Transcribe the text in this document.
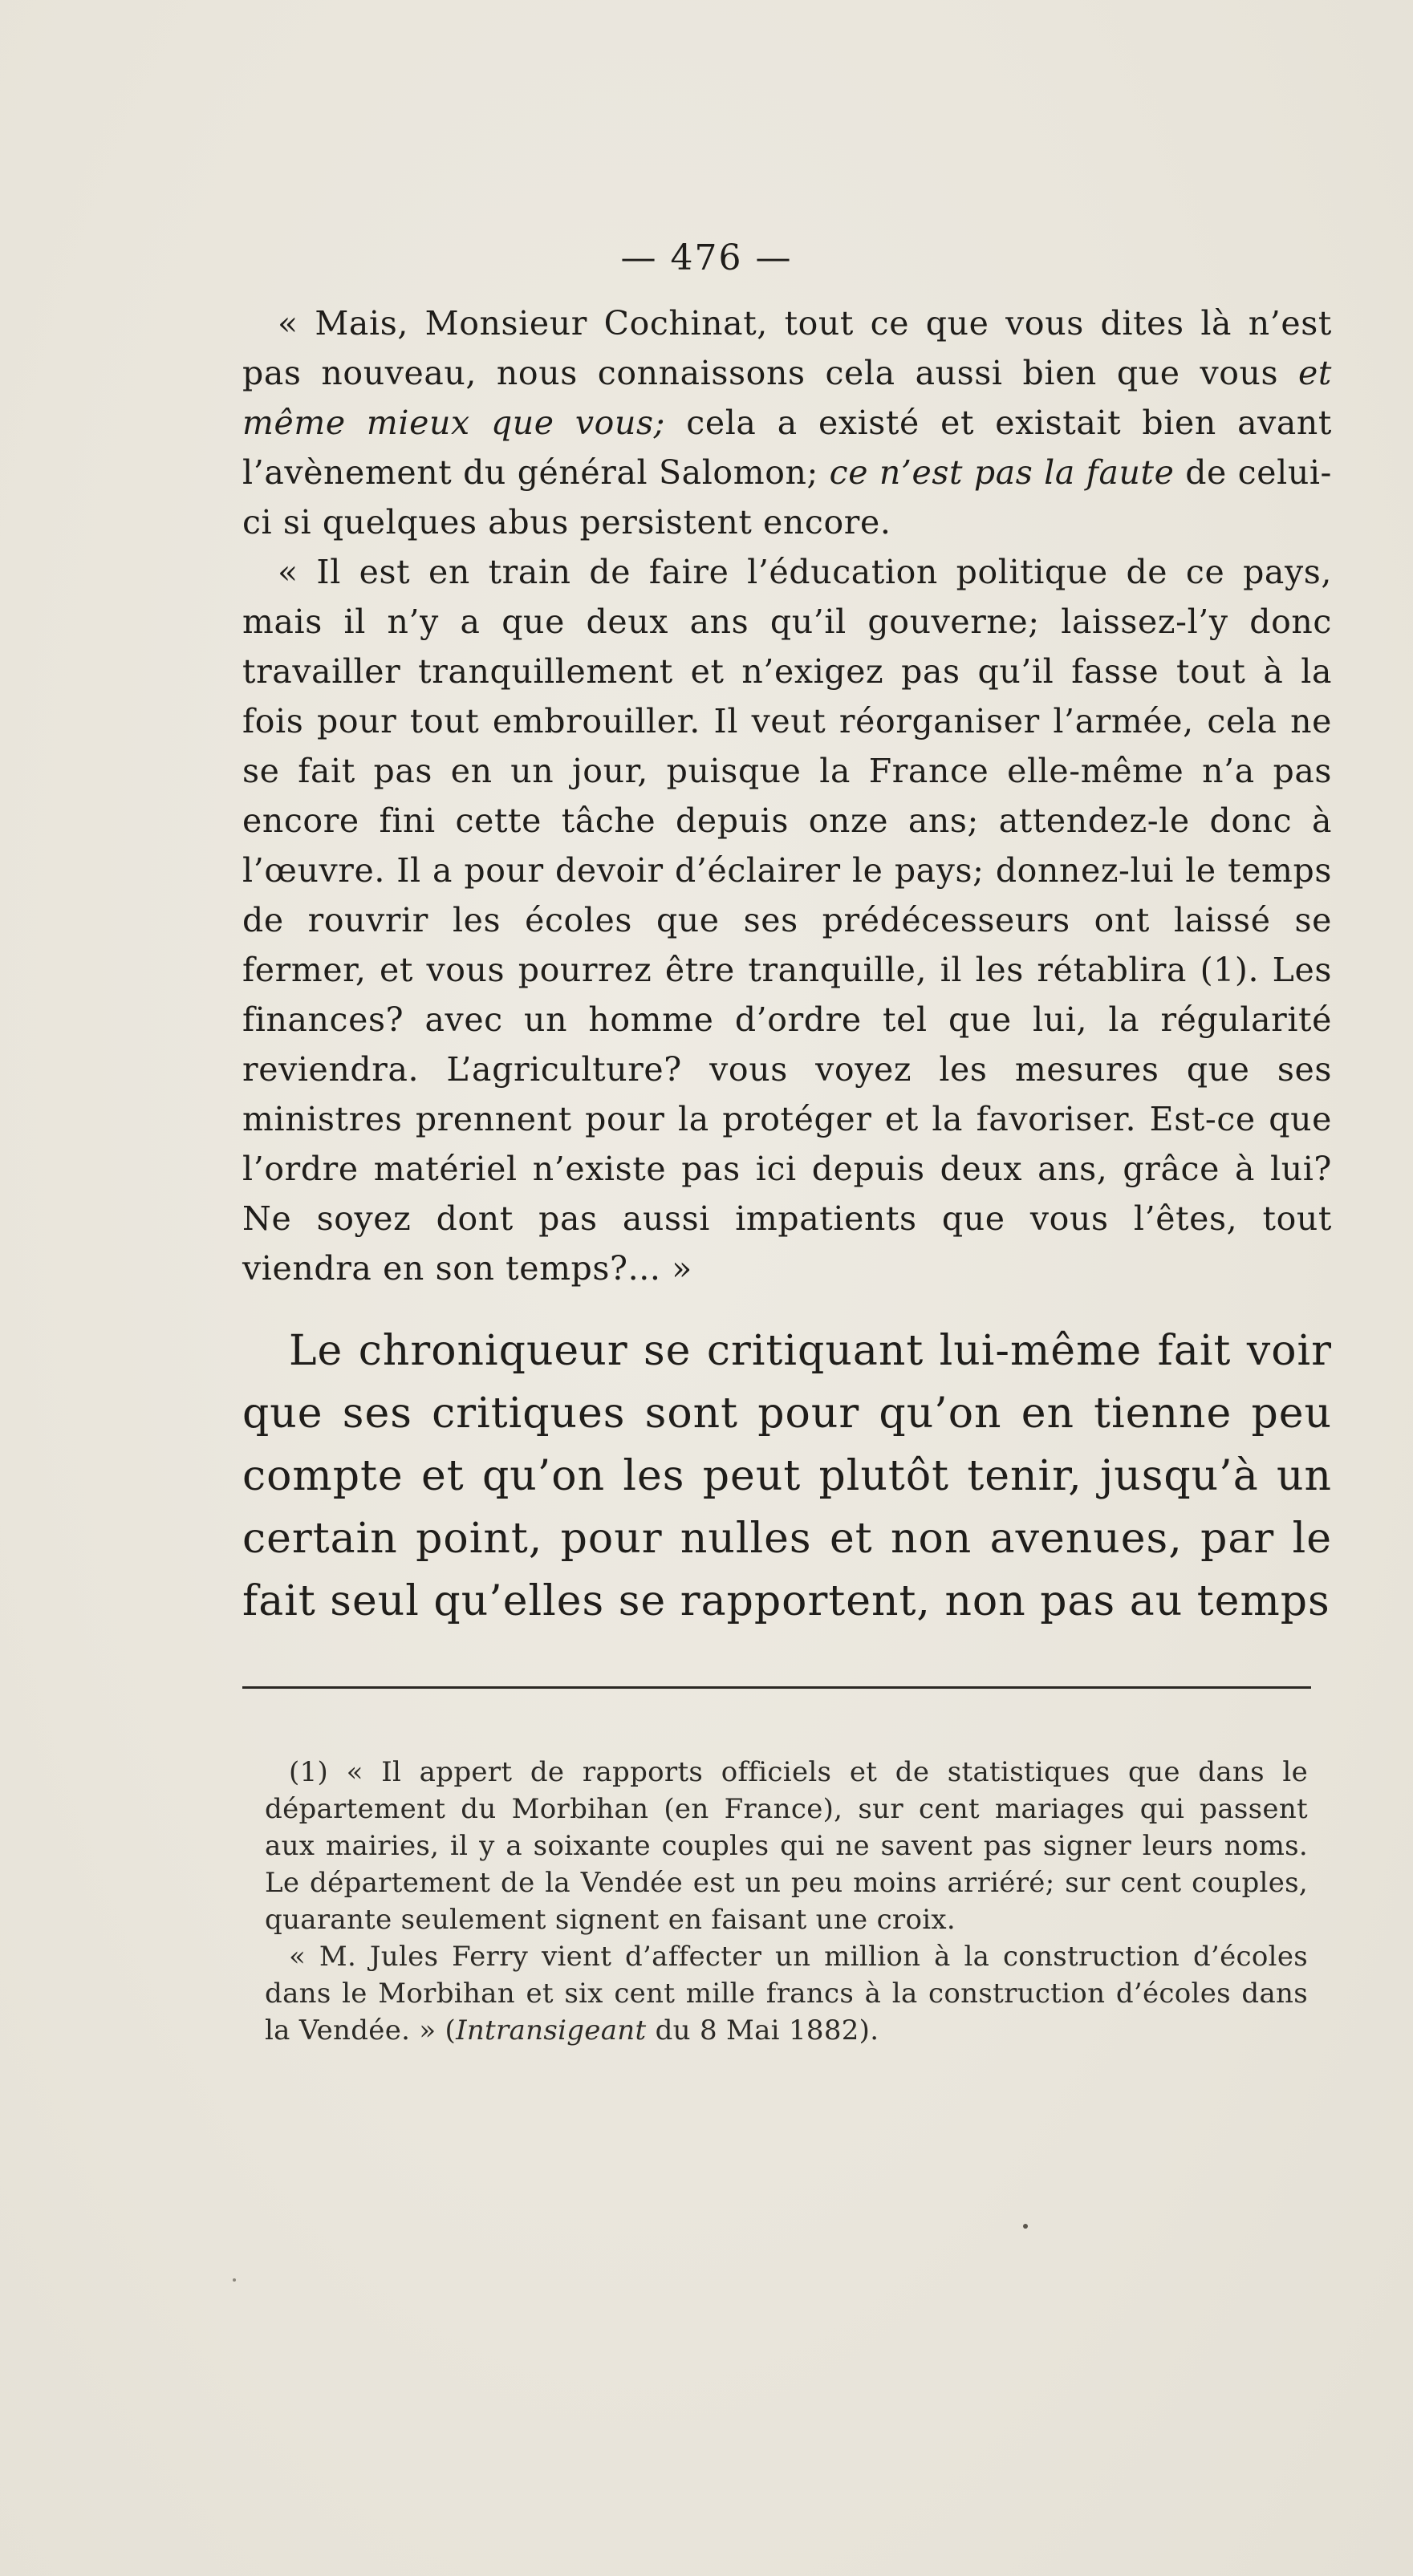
— 476 —

« Mais, Monsieur Cochinat, tout ce que vous dites là n’est pas nouveau, nous connaissons cela aussi bien que vous et même mieux que vous; cela a existé et existait bien avant l’avènement du général Salomon; ce n’est pas la faute de celui-ci si quelques abus persistent encore.

« Il est en train de faire l’éducation politique de ce pays, mais il n’y a que deux ans qu’il gouverne; laissez-l’y donc travailler tranquillement et n’exigez pas qu’il fasse tout à la fois pour tout embrouiller. Il veut réorganiser l’armée, cela ne se fait pas en un jour, puisque la France elle-même n’a pas encore fini cette tâche depuis onze ans; attendez-le donc à l’œuvre. Il a pour devoir d’éclairer le pays; donnez-lui le temps de rouvrir les écoles que ses prédécesseurs ont laissé se fermer, et vous pourrez être tranquille, il les rétablira (1). Les finances? avec un homme d’ordre tel que lui, la régularité reviendra. L’agriculture? vous voyez les mesures que ses ministres prennent pour la protéger et la favoriser. Est-ce que l’ordre matériel n’existe pas ici depuis deux ans, grâce à lui? Ne soyez dont pas aussi impatients que vous l’êtes, tout viendra en son temps?... »

Le chroniqueur se critiquant lui-même fait voir que ses critiques sont pour qu’on en tienne peu compte et qu’on les peut plutôt tenir, jusqu’à un certain point, pour nulles et non avenues, par le fait seul qu’elles se rapportent, non pas au temps

(1) « Il appert de rapports officiels et de statistiques que dans le département du Morbihan (en France), sur cent mariages qui passent aux mairies, il y a soixante couples qui ne savent pas signer leurs noms. Le département de la Vendée est un peu moins arriéré; sur cent couples, quarante seulement signent en faisant une croix.

« M. Jules Ferry vient d’affecter un million à la construction d’écoles dans le Morbihan et six cent mille francs à la construction d’écoles dans la Vendée. » (Intransigeant du 8 Mai 1882).
